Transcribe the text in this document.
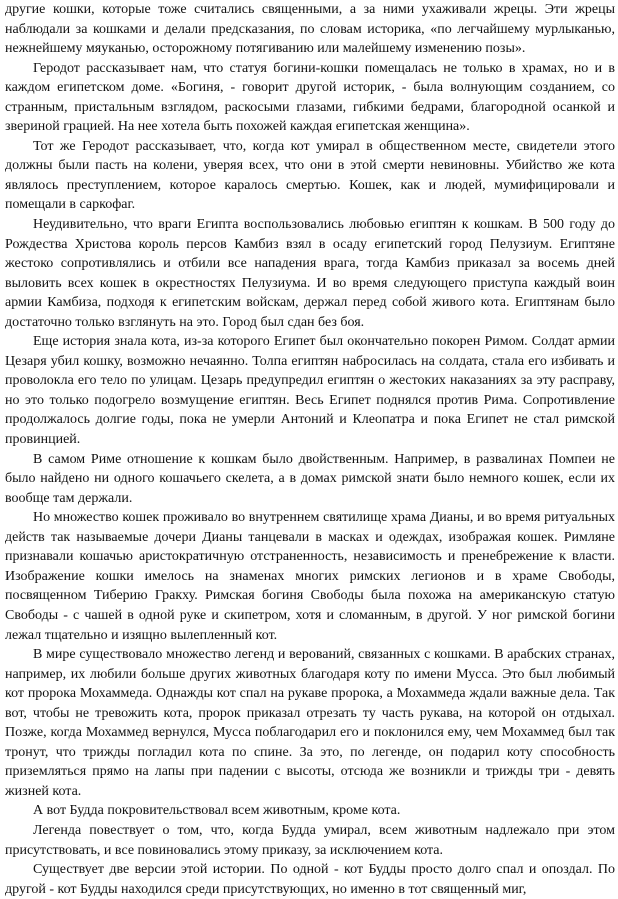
другие кошки, которые тоже считались священными, а за ними ухаживали жрецы. Эти жрецы наблюдали за кошками и делали предсказания, по словам историка, «по легчайшему мурлыканью, нежнейшему мяуканью, осторожному потягиванию или малейшему изменению позы».

Геродот рассказывает нам, что статуя богини-кошки помещалась не только в храмах, но и в каждом египетском доме. «Богиня, - говорит другой историк, - была волнующим созданием, со странным, пристальным взглядом, раскосыми глазами, гибкими бедрами, благородной осанкой и звериной грацией. На нее хотела быть похожей каждая египетская женщина».

Тот же Геродот рассказывает, что, когда кот умирал в общественном месте, свидетели этого должны были пасть на колени, уверяя всех, что они в этой смерти невиновны. Убийство же кота являлось преступлением, которое каралось смертью. Кошек, как и людей, мумифицировали и помещали в саркофаг.

Неудивительно, что враги Египта воспользовались любовью египтян к кошкам. В 500 году до Рождества Христова король персов Камбиз взял в осаду египетский город Пелузиум. Египтяне жестоко сопротивлялись и отбили все нападения врага, тогда Камбиз приказал за восемь дней выловить всех кошек в окрестностях Пелузиума. И во время следующего приступа каждый воин армии Камбиза, подходя к египетским войскам, держал перед собой живого кота. Египтянам было достаточно только взглянуть на это. Город был сдан без боя.

Еще история знала кота, из-за которого Египет был окончательно покорен Римом. Солдат армии Цезаря убил кошку, возможно нечаянно. Толпа египтян набросилась на солдата, стала его избивать и проволокла его тело по улицам. Цезарь предупредил египтян о жестоких наказаниях за эту расправу, но это только подогрело возмущение египтян. Весь Египет поднялся против Рима. Сопротивление продолжалось долгие годы, пока не умерли Антоний и Клеопатра и пока Египет не стал римской провинцией.

В самом Риме отношение к кошкам было двойственным. Например, в развалинах Помпеи не было найдено ни одного кошачьего скелета, а в домах римской знати было немного кошек, если их вообще там держали.

Но множество кошек проживало во внутреннем святилище храма Дианы, и во время ритуальных действ так называемые дочери Дианы танцевали в масках и одеждах, изображая кошек. Римляне признавали кошачью аристократичную отстраненность, независимость и пренебрежение к власти. Изображение кошки имелось на знаменах многих римских легионов и в храме Свободы, посвященном Тиберию Гракху. Римская богиня Свободы была похожа на американскую статую Свободы - с чашей в одной руке и скипетром, хотя и сломанным, в другой. У ног римской богини лежал тщательно и изящно вылепленный кот.

В мире существовало множество легенд и верований, связанных с кошками. В арабских странах, например, их любили больше других животных благодаря коту по имени Мусса. Это был любимый кот пророка Мохаммеда. Однажды кот спал на рукаве пророка, а Мохаммеда ждали важные дела. Так вот, чтобы не тревожить кота, пророк приказал отрезать ту часть рукава, на которой он отдыхал. Позже, когда Мохаммед вернулся, Мусса поблагодарил его и поклонился ему, чем Мохаммед был так тронут, что трижды погладил кота по спине. За это, по легенде, он подарил коту способность приземляться прямо на лапы при падении с высоты, отсюда же возникли и трижды три - девять жизней кота.

А вот Будда покровительствовал всем животным, кроме кота.

Легенда повествует о том, что, когда Будда умирал, всем животным надлежало при этом присутствовать, и все повиновались этому приказу, за исключением кота.

Существует две версии этой истории. По одной - кот Будды просто долго спал и опоздал. По другой - кот Будды находился среди присутствующих, но именно в тот священный миг,
